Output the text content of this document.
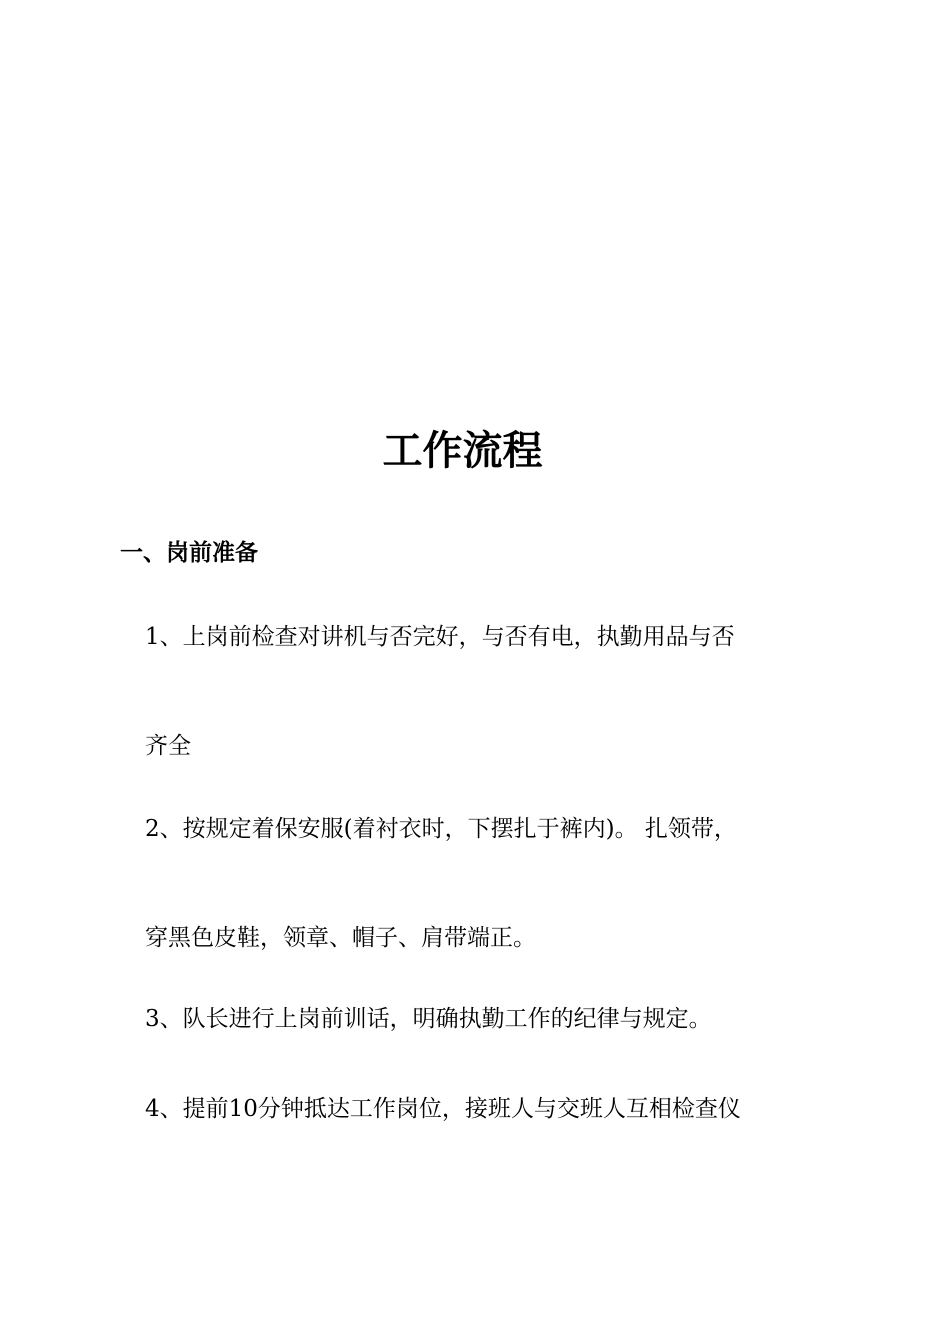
工作流程
一、岗前准备
1、上岗前检查对讲机与否完好，与否有电，执勤用品与否
齐全
2、按规定着保安服(着衬衣时，下摆扎于裤内)。 扎领带，
穿黑色皮鞋，领章、帽子、肩带端正。
3、队长进行上岗前训话，明确执勤工作的纪律与规定。
4、提前10分钟抵达工作岗位，接班人与交班人互相检查仪
